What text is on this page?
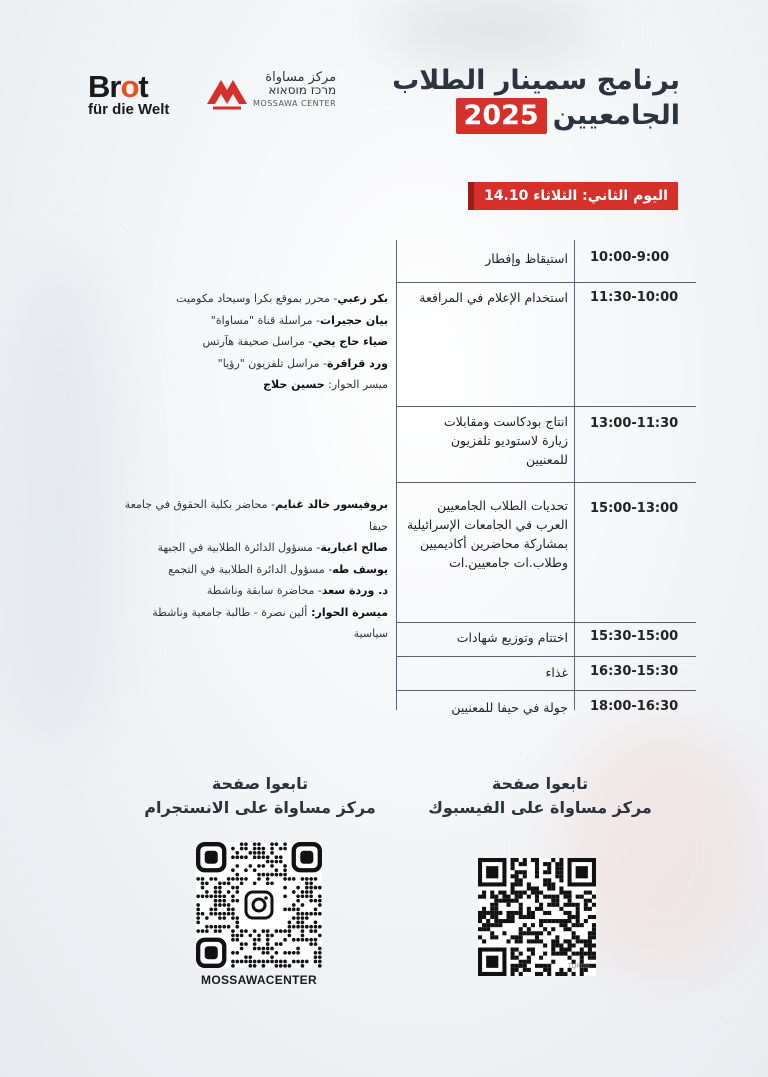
Brot
für die Welt
مركز مساواة
מרכז מוסאוא
MOSSAWA CENTER
برنامج سمينار الطلاب
الجامعيين2025
اليوم الثاني: الثلاثاء 14.10
10:00-9:00
استيقاظ وإفطار
11:30-10:00
استخدام الإعلام في المرافعة
بكر زعبي- محرر بموقع بكرا وسيحاد مكوميت
بيان حجيرات- مراسلة قناة "مساواة"
ضياء حاج يحي- مراسل صحيفة هآرتس
ورد قراقرة- مراسل تلفزيون "رؤيا"
ميسر الحوار: حسين حلاج
13:00-11:30
انتاج بودكاست ومقابلات
زيارة لاستوديو تلفزيون
للمعنيين
15:00-13:00
تحديات الطلاب الجامعيين
العرب في الجامعات الإسرائيلية
بمشاركة محاضرين أكاديميين
وطلاب.ات جامعيين.ات
بروفيسور خالد غنايم- محاضر بكلية الحقوق في جامعة حيفا
صالح اغبارية- مسؤول الدائرة الطلابية في الجبهة
يوسف طه- مسؤول الدائرة الطلابية في التجمع
د. وردة سعد- محاضرة سابقة وناشطة
ميسرة الحوار: ألين نصرة - طالبة جامعية وناشطة سياسية	15:30-15:00
اختتام وتوزيع شهادات
16:30-15:30
غذاء
18:00-16:30
جولة في حيفا للمعنيين
تابعوا صفحة
مركز مساواة على الانستجرام
تابعوا صفحة
مركز مساواة على الفيسبوك
MOSSAWACENTER
TQRCG
